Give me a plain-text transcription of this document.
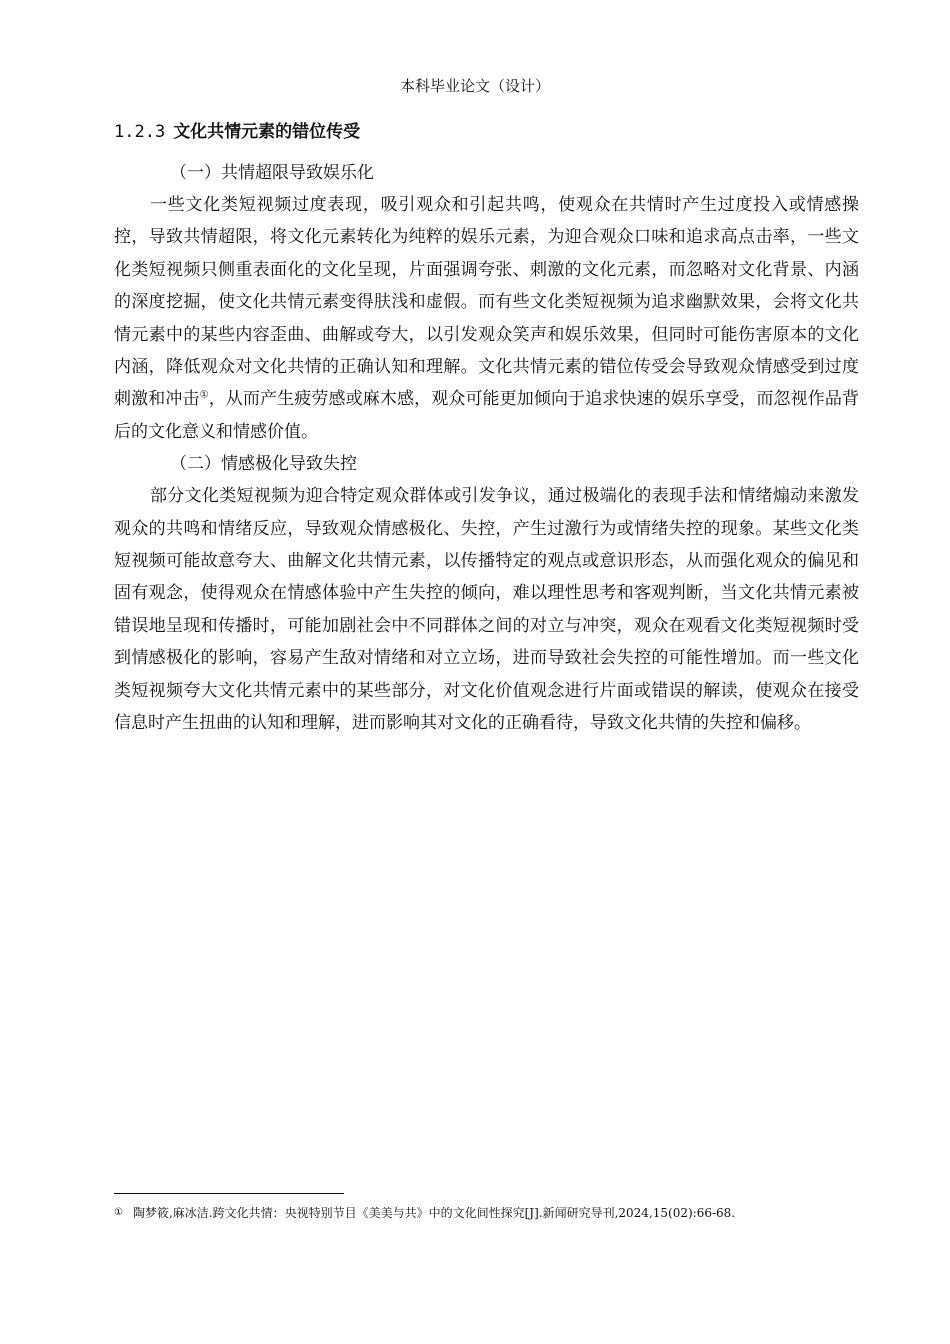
本科毕业论文（设计）
1.2.3 文化共情元素的错位传受

（一）共情超限导致娱乐化

一些文化类短视频过度表现，吸引观众和引起共鸣，使观众在共情时产生过度投入或情感操控，导致共情超限，将文化元素转化为纯粹的娱乐元素，为迎合观众口味和追求高点击率，一些文化类短视频只侧重表面化的文化呈现，片面强调夸张、刺激的文化元素，而忽略对文化背景、内涵的深度挖掘，使文化共情元素变得肤浅和虚假。而有些文化类短视频为追求幽默效果，会将文化共情元素中的某些内容歪曲、曲解或夸大，以引发观众笑声和娱乐效果，但同时可能伤害原本的文化内涵，降低观众对文化共情的正确认知和理解。文化共情元素的错位传受会导致观众情感受到过度刺激和冲击①，从而产生疲劳感或麻木感，观众可能更加倾向于追求快速的娱乐享受，而忽视作品背后的文化意义和情感价值。

（二）情感极化导致失控

部分文化类短视频为迎合特定观众群体或引发争议，通过极端化的表现手法和情绪煽动来激发观众的共鸣和情绪反应，导致观众情感极化、失控，产生过激行为或情绪失控的现象。某些文化类短视频可能故意夸大、曲解文化共情元素，以传播特定的观点或意识形态，从而强化观众的偏见和固有观念，使得观众在情感体验中产生失控的倾向，难以理性思考和客观判断，当文化共情元素被错误地呈现和传播时，可能加剧社会中不同群体之间的对立与冲突，观众在观看文化类短视频时受到情感极化的影响，容易产生敌对情绪和对立立场，进而导致社会失控的可能性增加。而一些文化类短视频夸大文化共情元素中的某些部分，对文化价值观念进行片面或错误的解读，使观众在接受信息时产生扭曲的认知和理解，进而影响其对文化的正确看待，导致文化共情的失控和偏移。

① 陶梦筱,麻冰洁.跨文化共情：央视特别节目《美美与共》中的文化间性探究[J].新闻研究导刊,2024,15(02):66-68.
